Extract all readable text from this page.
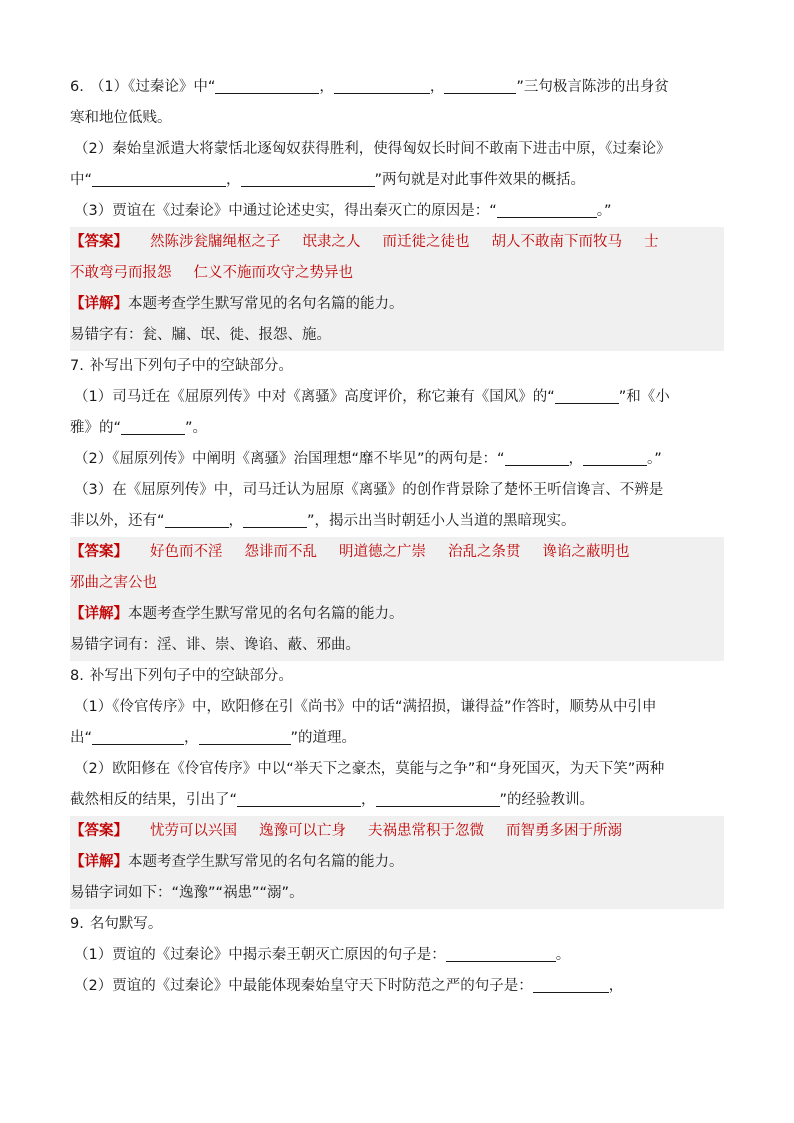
6. （1）《过秦论》中“	，	，	”三句极言陈涉的出身贫
寒和地位低贱。
（2）秦始皇派遣大将蒙恬北逐匈奴获得胜利，使得匈奴长时间不敢南下进击中原，《过秦论》
中“	，	”两句就是对此事件效果的概括。
（3）贾谊在《过秦论》中通过论述史实，得出秦灭亡的原因是：“	。”
【答案】 然陈涉瓮牖绳枢之子 氓隶之人 而迁徙之徒也 胡人不敢南下而牧马 士
不敢弯弓而报怨 仁义不施而攻守之势异也
【详解】本题考查学生默写常见的名句名篇的能力。
易错字有：瓮、牖、氓、徙、报怨、施。
7. 补写出下列句子中的空缺部分。
（1）司马迁在《屈原列传》中对《离骚》高度评价，称它兼有《国风》的“	”和《小
雅》的“	”。
（2）《屈原列传》中阐明《离骚》治国理想“靡不毕见”的两句是：“	，	。”
（3）在《屈原列传》中，司马迁认为屈原《离骚》的创作背景除了楚怀王听信谗言、不辨是
非以外，还有“	，	”，揭示出当时朝廷小人当道的黑暗现实。
【答案】 好色而不淫 怨诽而不乱 明道德之广崇 治乱之条贯 谗谄之蔽明也
邪曲之害公也
【详解】本题考查学生默写常见的名句名篇的能力。
易错字词有：淫、诽、崇、谗谄、蔽、邪曲。
8. 补写出下列句子中的空缺部分。
（1）《伶官传序》中，欧阳修在引《尚书》中的话“满招损，谦得益”作答时，顺势从中引申
出“	，	”的道理。
（2）欧阳修在《伶官传序》中以“举天下之豪杰，莫能与之争”和“身死国灭，为天下笑”两种
截然相反的结果，引出了“	，	”的经验教训。
【答案】 忧劳可以兴国 逸豫可以亡身 夫祸患常积于忽微 而智勇多困于所溺
【详解】本题考查学生默写常见的名句名篇的能力。
易错字词如下：“逸豫”“祸患”“溺”。
9. 名句默写。
（1）贾谊的《过秦论》中揭示秦王朝灭亡原因的句子是：	。
（2）贾谊的《过秦论》中最能体现秦始皇守天下时防范之严的句子是：	，
